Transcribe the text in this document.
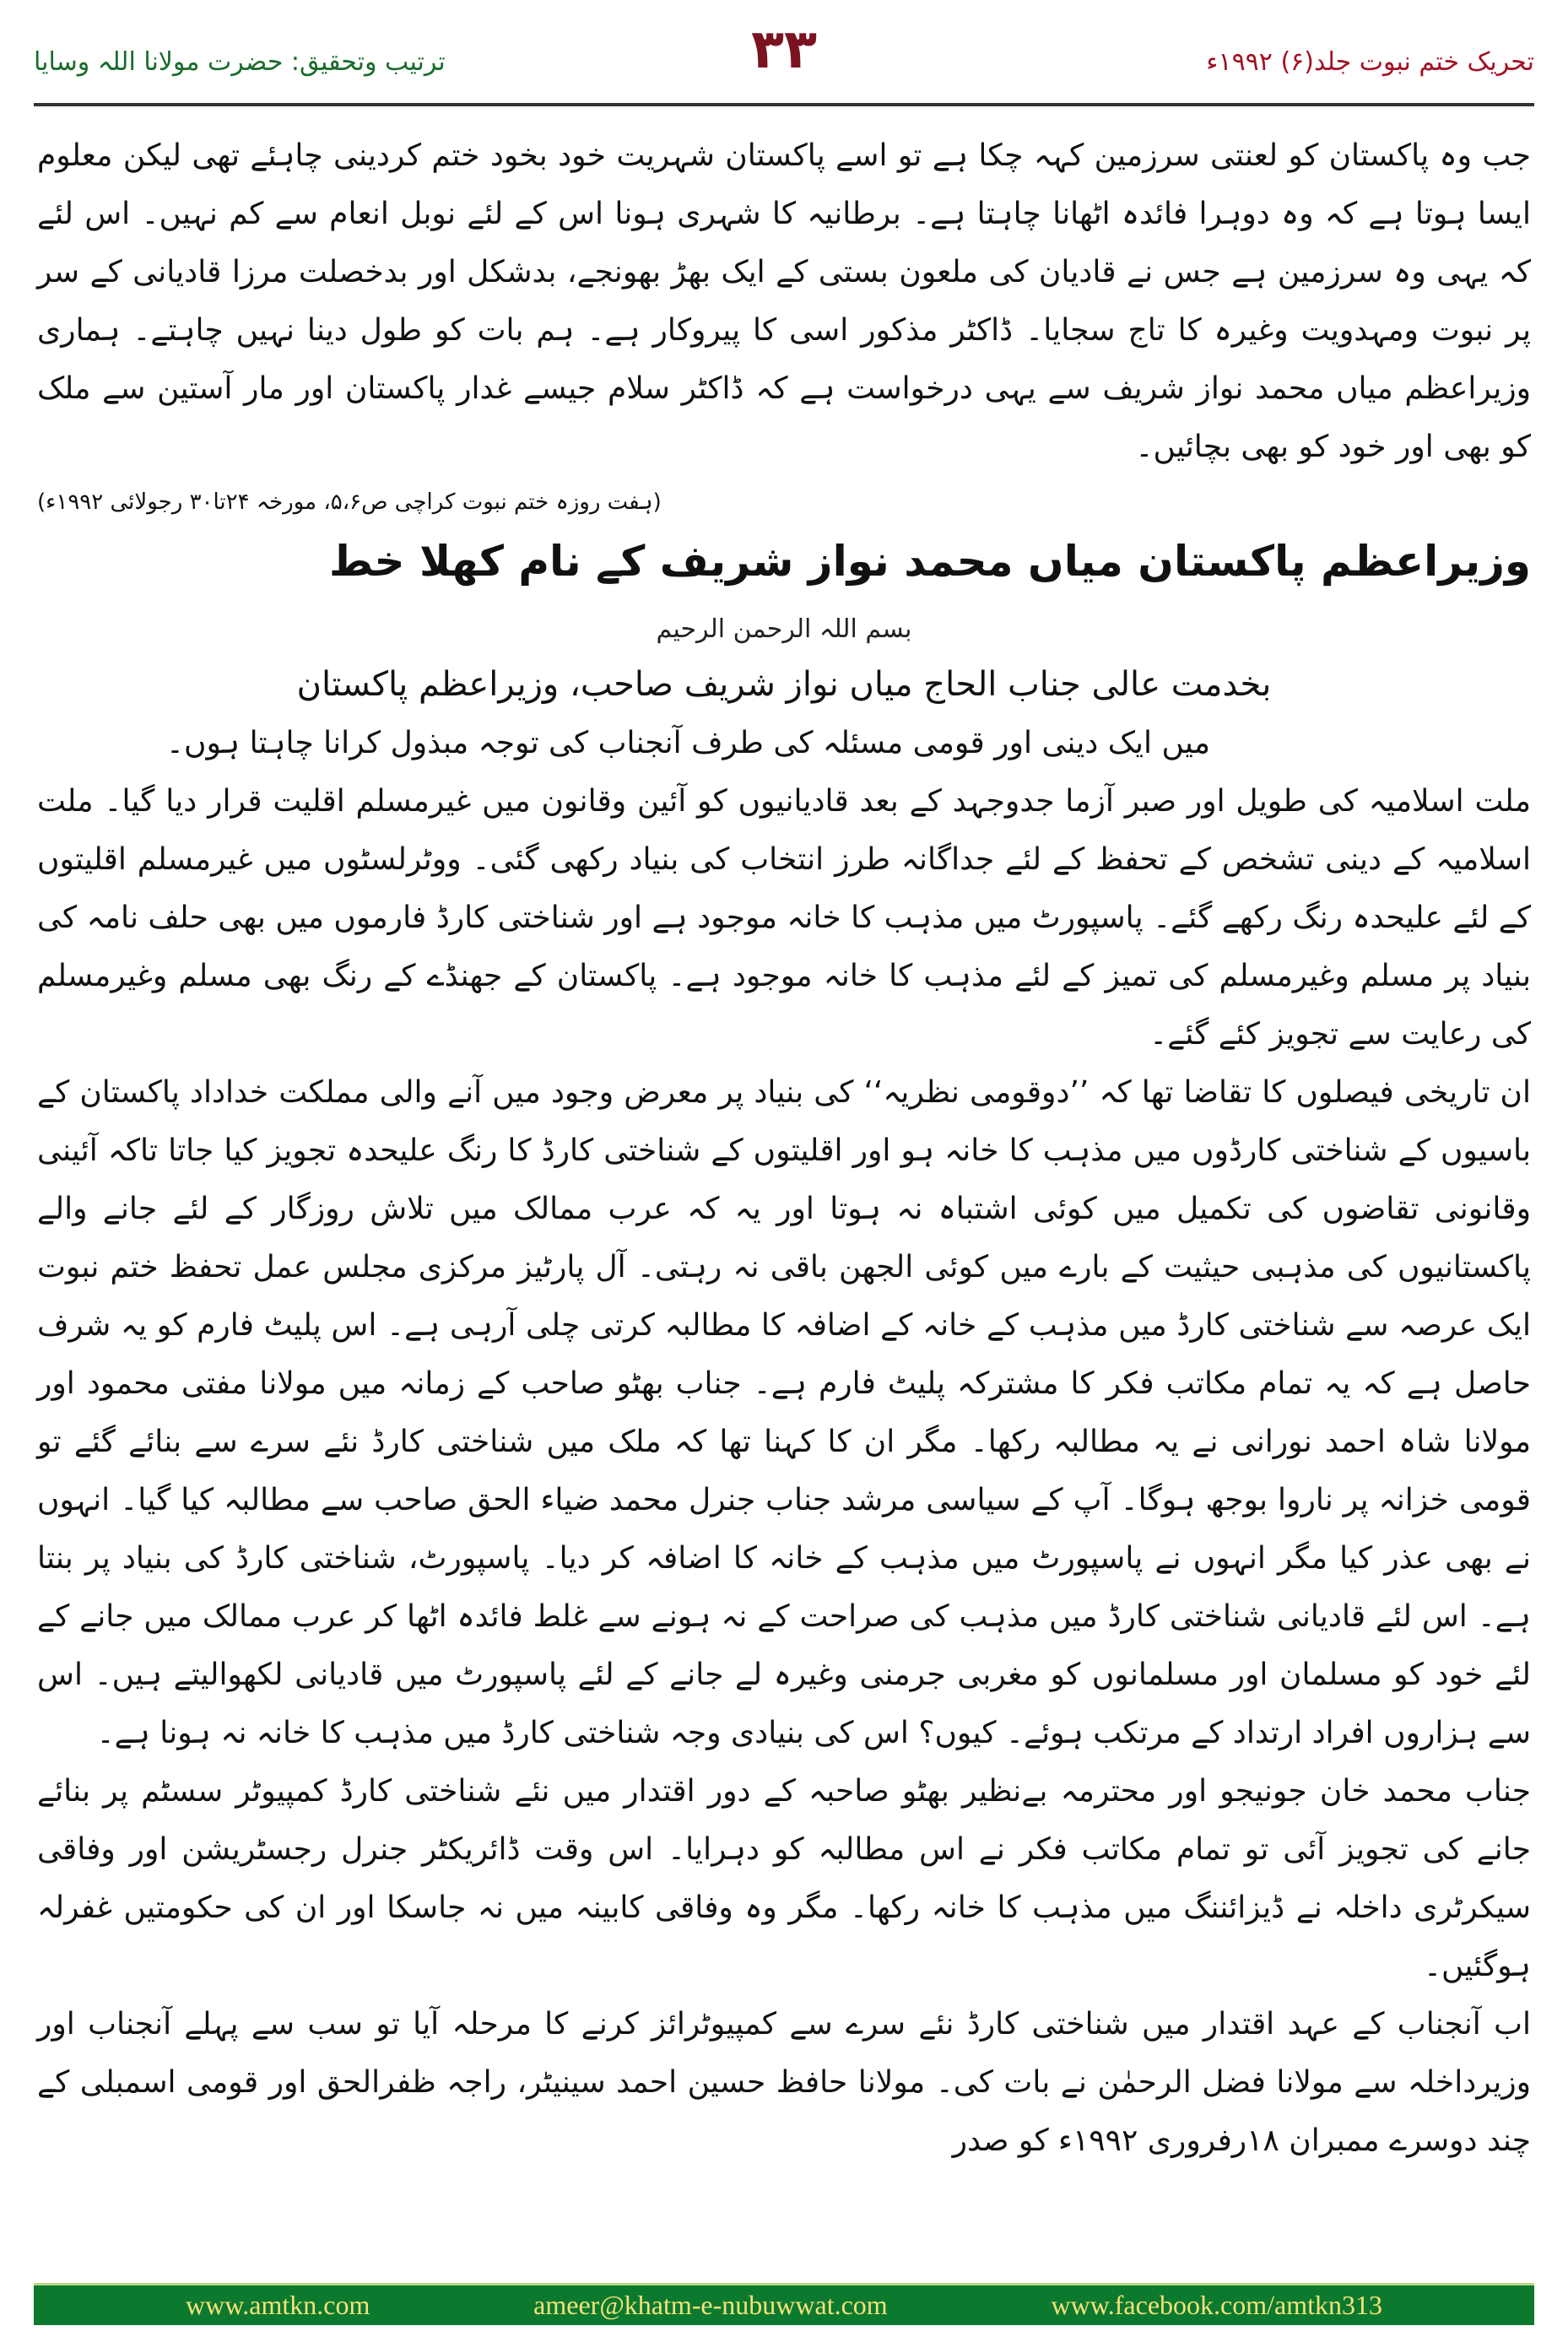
ترتیب وتحقیق: حضرت مولانا اللہ وسایا	۳۳	تحریک ختم نبوت جلد(۶) ۱۹۹۲ء

جب وہ پاکستان کو لعنتی سرزمین کہہ چکا ہے تو اسے پاکستان شہریت خود بخود ختم کردینی چاہئے تھی لیکن معلوم ایسا ہوتا ہے کہ وہ دوہرا فائدہ اٹھانا چاہتا ہے۔ برطانیہ کا شہری ہونا اس کے لئے نوبل انعام سے کم نہیں۔ اس لئے کہ یہی وہ سرزمین ہے جس نے قادیان کی ملعون بستی کے ایک بھڑ بھونجے، بدشکل اور بدخصلت مرزا قادیانی کے سر پر نبوت ومہدویت وغیرہ کا تاج سجایا۔ ڈاکٹر مذکور اسی کا پیروکار ہے۔ ہم بات کو طول دینا نہیں چاہتے۔ ہماری وزیراعظم میاں محمد نواز شریف سے یہی درخواست ہے کہ ڈاکٹر سلام جیسے غدار پاکستان اور مار آستین سے ملک کو بھی اور خود کو بھی بچائیں۔

(ہفت روزہ ختم نبوت کراچی ص۵،۶، مورخہ ۲۴تا۳۰ رجولائی ۱۹۹۲ء)
وزیراعظم پاکستان میاں محمد نواز شریف کے نام کھلا خط
بسم اللہ الرحمن الرحیم
بخدمت عالی جناب الحاج میاں نواز شریف صاحب، وزیراعظم پاکستان

میں ایک دینی اور قومی مسئلہ کی طرف آنجناب کی توجہ مبذول کرانا چاہتا ہوں۔

ملت اسلامیہ کی طویل اور صبر آزما جدوجہد کے بعد قادیانیوں کو آئین وقانون میں غیرمسلم اقلیت قرار دیا گیا۔ ملت اسلامیہ کے دینی تشخص کے تحفظ کے لئے جداگانہ طرز انتخاب کی بنیاد رکھی گئی۔ ووٹرلسٹوں میں غیرمسلم اقلیتوں کے لئے علیحدہ رنگ رکھے گئے۔ پاسپورٹ میں مذہب کا خانہ موجود ہے اور شناختی کارڈ فارموں میں بھی حلف نامہ کی بنیاد پر مسلم وغیرمسلم کی تمیز کے لئے مذہب کا خانہ موجود ہے۔ پاکستان کے جھنڈے کے رنگ بھی مسلم وغیرمسلم کی رعایت سے تجویز کئے گئے۔

ان تاریخی فیصلوں کا تقاضا تھا کہ ’’دوقومی نظریہ‘‘ کی بنیاد پر معرض وجود میں آنے والی مملکت خداداد پاکستان کے باسیوں کے شناختی کارڈوں میں مذہب کا خانہ ہو اور اقلیتوں کے شناختی کارڈ کا رنگ علیحدہ تجویز کیا جاتا تاکہ آئینی وقانونی تقاضوں کی تکمیل میں کوئی اشتباہ نہ ہوتا اور یہ کہ عرب ممالک میں تلاش روزگار کے لئے جانے والے پاکستانیوں کی مذہبی حیثیت کے بارے میں کوئی الجھن باقی نہ رہتی۔ آل پارٹیز مرکزی مجلس عمل تحفظ ختم نبوت ایک عرصہ سے شناختی کارڈ میں مذہب کے خانہ کے اضافہ کا مطالبہ کرتی چلی آرہی ہے۔ اس پلیٹ فارم کو یہ شرف حاصل ہے کہ یہ تمام مکاتب فکر کا مشترکہ پلیٹ فارم ہے۔ جناب بھٹو صاحب کے زمانہ میں مولانا مفتی محمود اور مولانا شاہ احمد نورانی نے یہ مطالبہ رکھا۔ مگر ان کا کہنا تھا کہ ملک میں شناختی کارڈ نئے سرے سے بنائے گئے تو قومی خزانہ پر ناروا بوجھ ہوگا۔ آپ کے سیاسی مرشد جناب جنرل محمد ضیاء الحق صاحب سے مطالبہ کیا گیا۔ انہوں نے بھی عذر کیا مگر انہوں نے پاسپورٹ میں مذہب کے خانہ کا اضافہ کر دیا۔ پاسپورٹ، شناختی کارڈ کی بنیاد پر بنتا ہے۔ اس لئے قادیانی شناختی کارڈ میں مذہب کی صراحت کے نہ ہونے سے غلط فائدہ اٹھا کر عرب ممالک میں جانے کے لئے خود کو مسلمان اور مسلمانوں کو مغربی جرمنی وغیرہ لے جانے کے لئے پاسپورٹ میں قادیانی لکھوالیتے ہیں۔ اس سے ہزاروں افراد ارتداد کے مرتکب ہوئے۔ کیوں؟ اس کی بنیادی وجہ شناختی کارڈ میں مذہب کا خانہ نہ ہونا ہے۔

جناب محمد خان جونیجو اور محترمہ بےنظیر بھٹو صاحبہ کے دور اقتدار میں نئے شناختی کارڈ کمپیوٹر سسٹم پر بنائے جانے کی تجویز آئی تو تمام مکاتب فکر نے اس مطالبہ کو دہرایا۔ اس وقت ڈائریکٹر جنرل رجسٹریشن اور وفاقی سیکرٹری داخلہ نے ڈیزائننگ میں مذہب کا خانہ رکھا۔ مگر وہ وفاقی کابینہ میں نہ جاسکا اور ان کی حکومتیں غفرلہ ہوگئیں۔

اب آنجناب کے عہد اقتدار میں شناختی کارڈ نئے سرے سے کمپیوٹرائز کرنے کا مرحلہ آیا تو سب سے پہلے آنجناب اور وزیرداخلہ سے مولانا فضل الرحمٰن نے بات کی۔ مولانا حافظ حسین احمد سینیٹر، راجہ ظفرالحق اور قومی اسمبلی کے چند دوسرے ممبران ۱۸رفروری ۱۹۹۲ء کو صدر

www.amtkn.com	ameer@khatm-e-nubuwwat.com	www.facebook.com/amtkn313
